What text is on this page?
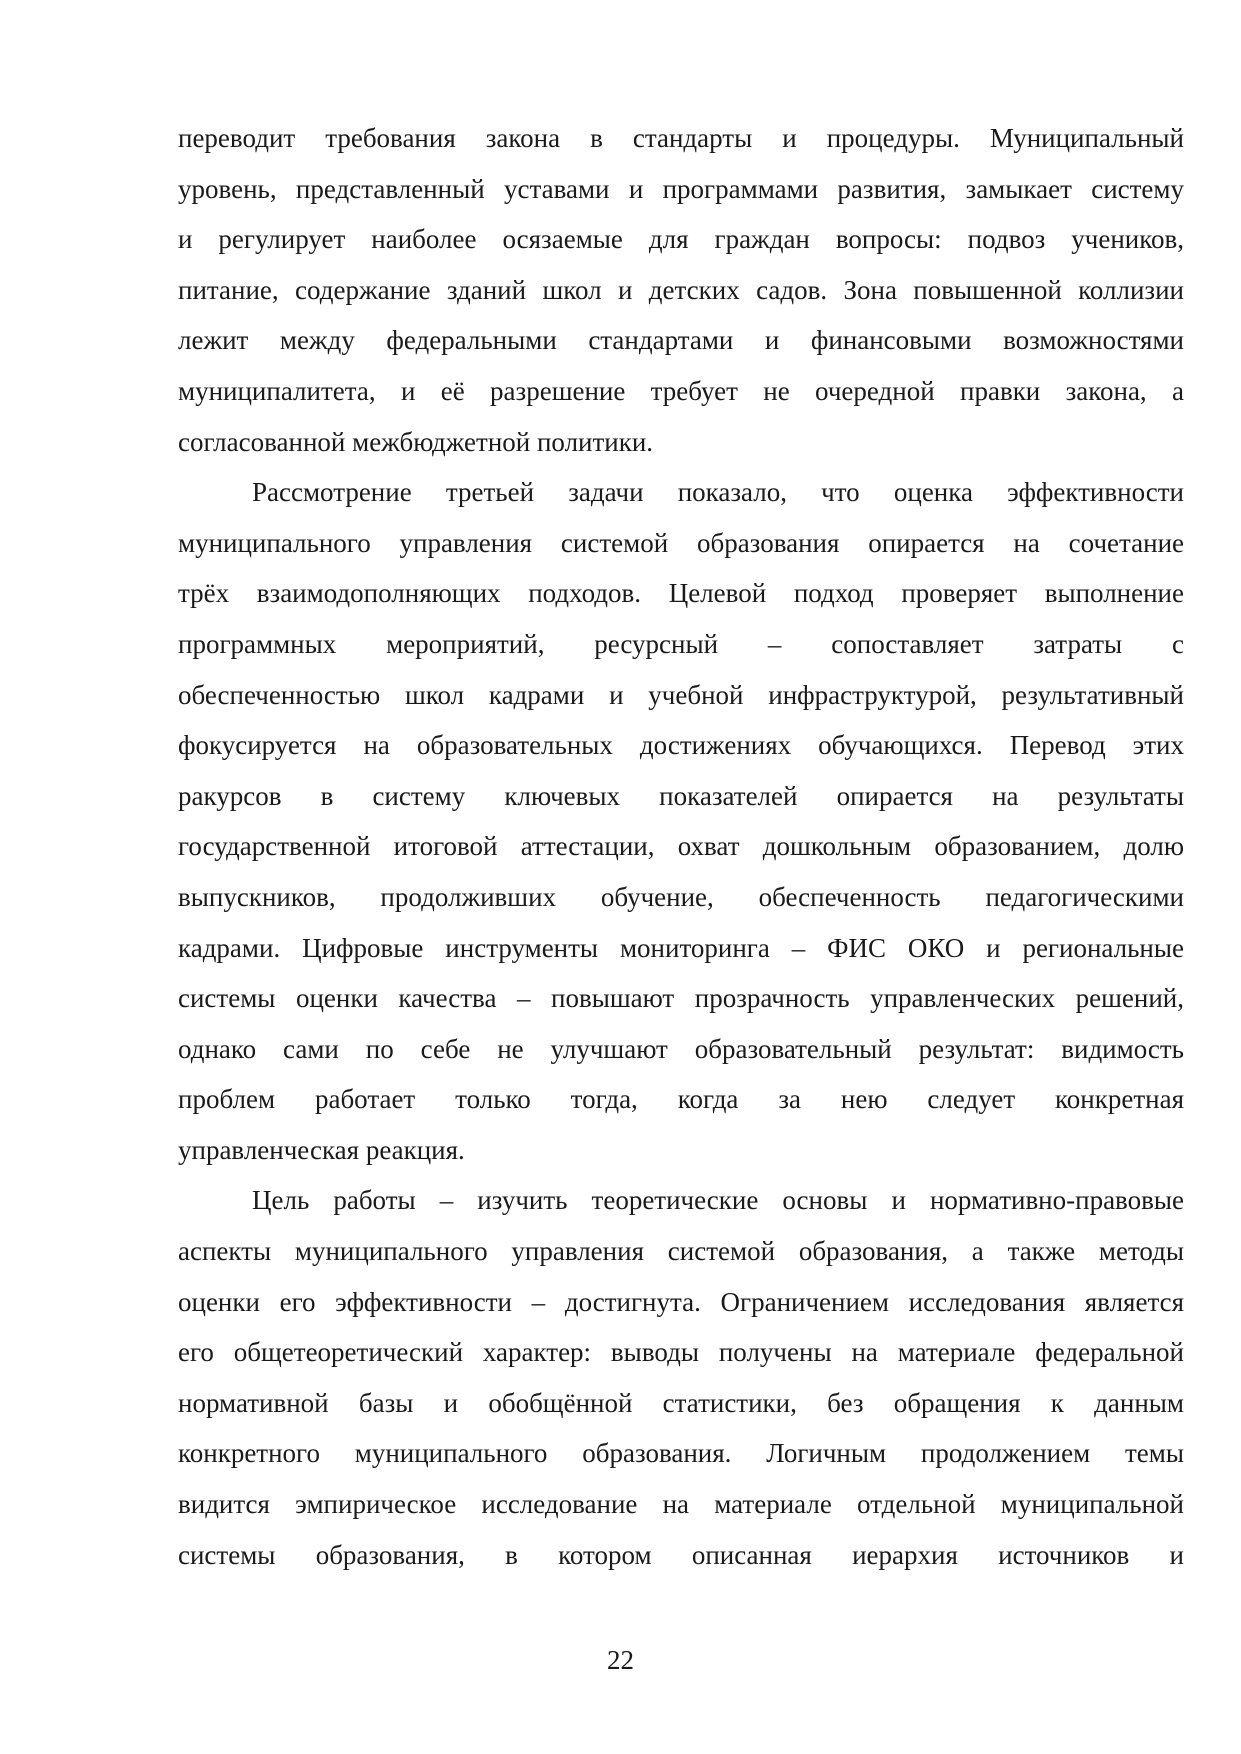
переводит требования закона в стандарты и процедуры. Муниципальный
уровень, представленный уставами и программами развития, замыкает систему
и регулирует наиболее осязаемые для граждан вопросы: подвоз учеников,
питание, содержание зданий школ и детских садов. Зона повышенной коллизии
лежит между федеральными стандартами и финансовыми возможностями
муниципалитета, и её разрешение требует не очередной правки закона, а
согласованной межбюджетной политики.
Рассмотрение третьей задачи показало, что оценка эффективности
муниципального управления системой образования опирается на сочетание
трёх взаимодополняющих подходов. Целевой подход проверяет выполнение
программных мероприятий, ресурсный – сопоставляет затраты с
обеспеченностью школ кадрами и учебной инфраструктурой, результативный
фокусируется на образовательных достижениях обучающихся. Перевод этих
ракурсов в систему ключевых показателей опирается на результаты
государственной итоговой аттестации, охват дошкольным образованием, долю
выпускников, продолживших обучение, обеспеченность педагогическими
кадрами. Цифровые инструменты мониторинга – ФИС ОКО и региональные
системы оценки качества – повышают прозрачность управленческих решений,
однако сами по себе не улучшают образовательный результат: видимость
проблем работает только тогда, когда за нею следует конкретная
управленческая реакция.
Цель работы – изучить теоретические основы и нормативно-правовые
аспекты муниципального управления системой образования, а также методы
оценки его эффективности – достигнута. Ограничением исследования является
его общетеоретический характер: выводы получены на материале федеральной
нормативной базы и обобщённой статистики, без обращения к данным
конкретного муниципального образования. Логичным продолжением темы
видится эмпирическое исследование на материале отдельной муниципальной
системы образования, в котором описанная иерархия источников и
22
